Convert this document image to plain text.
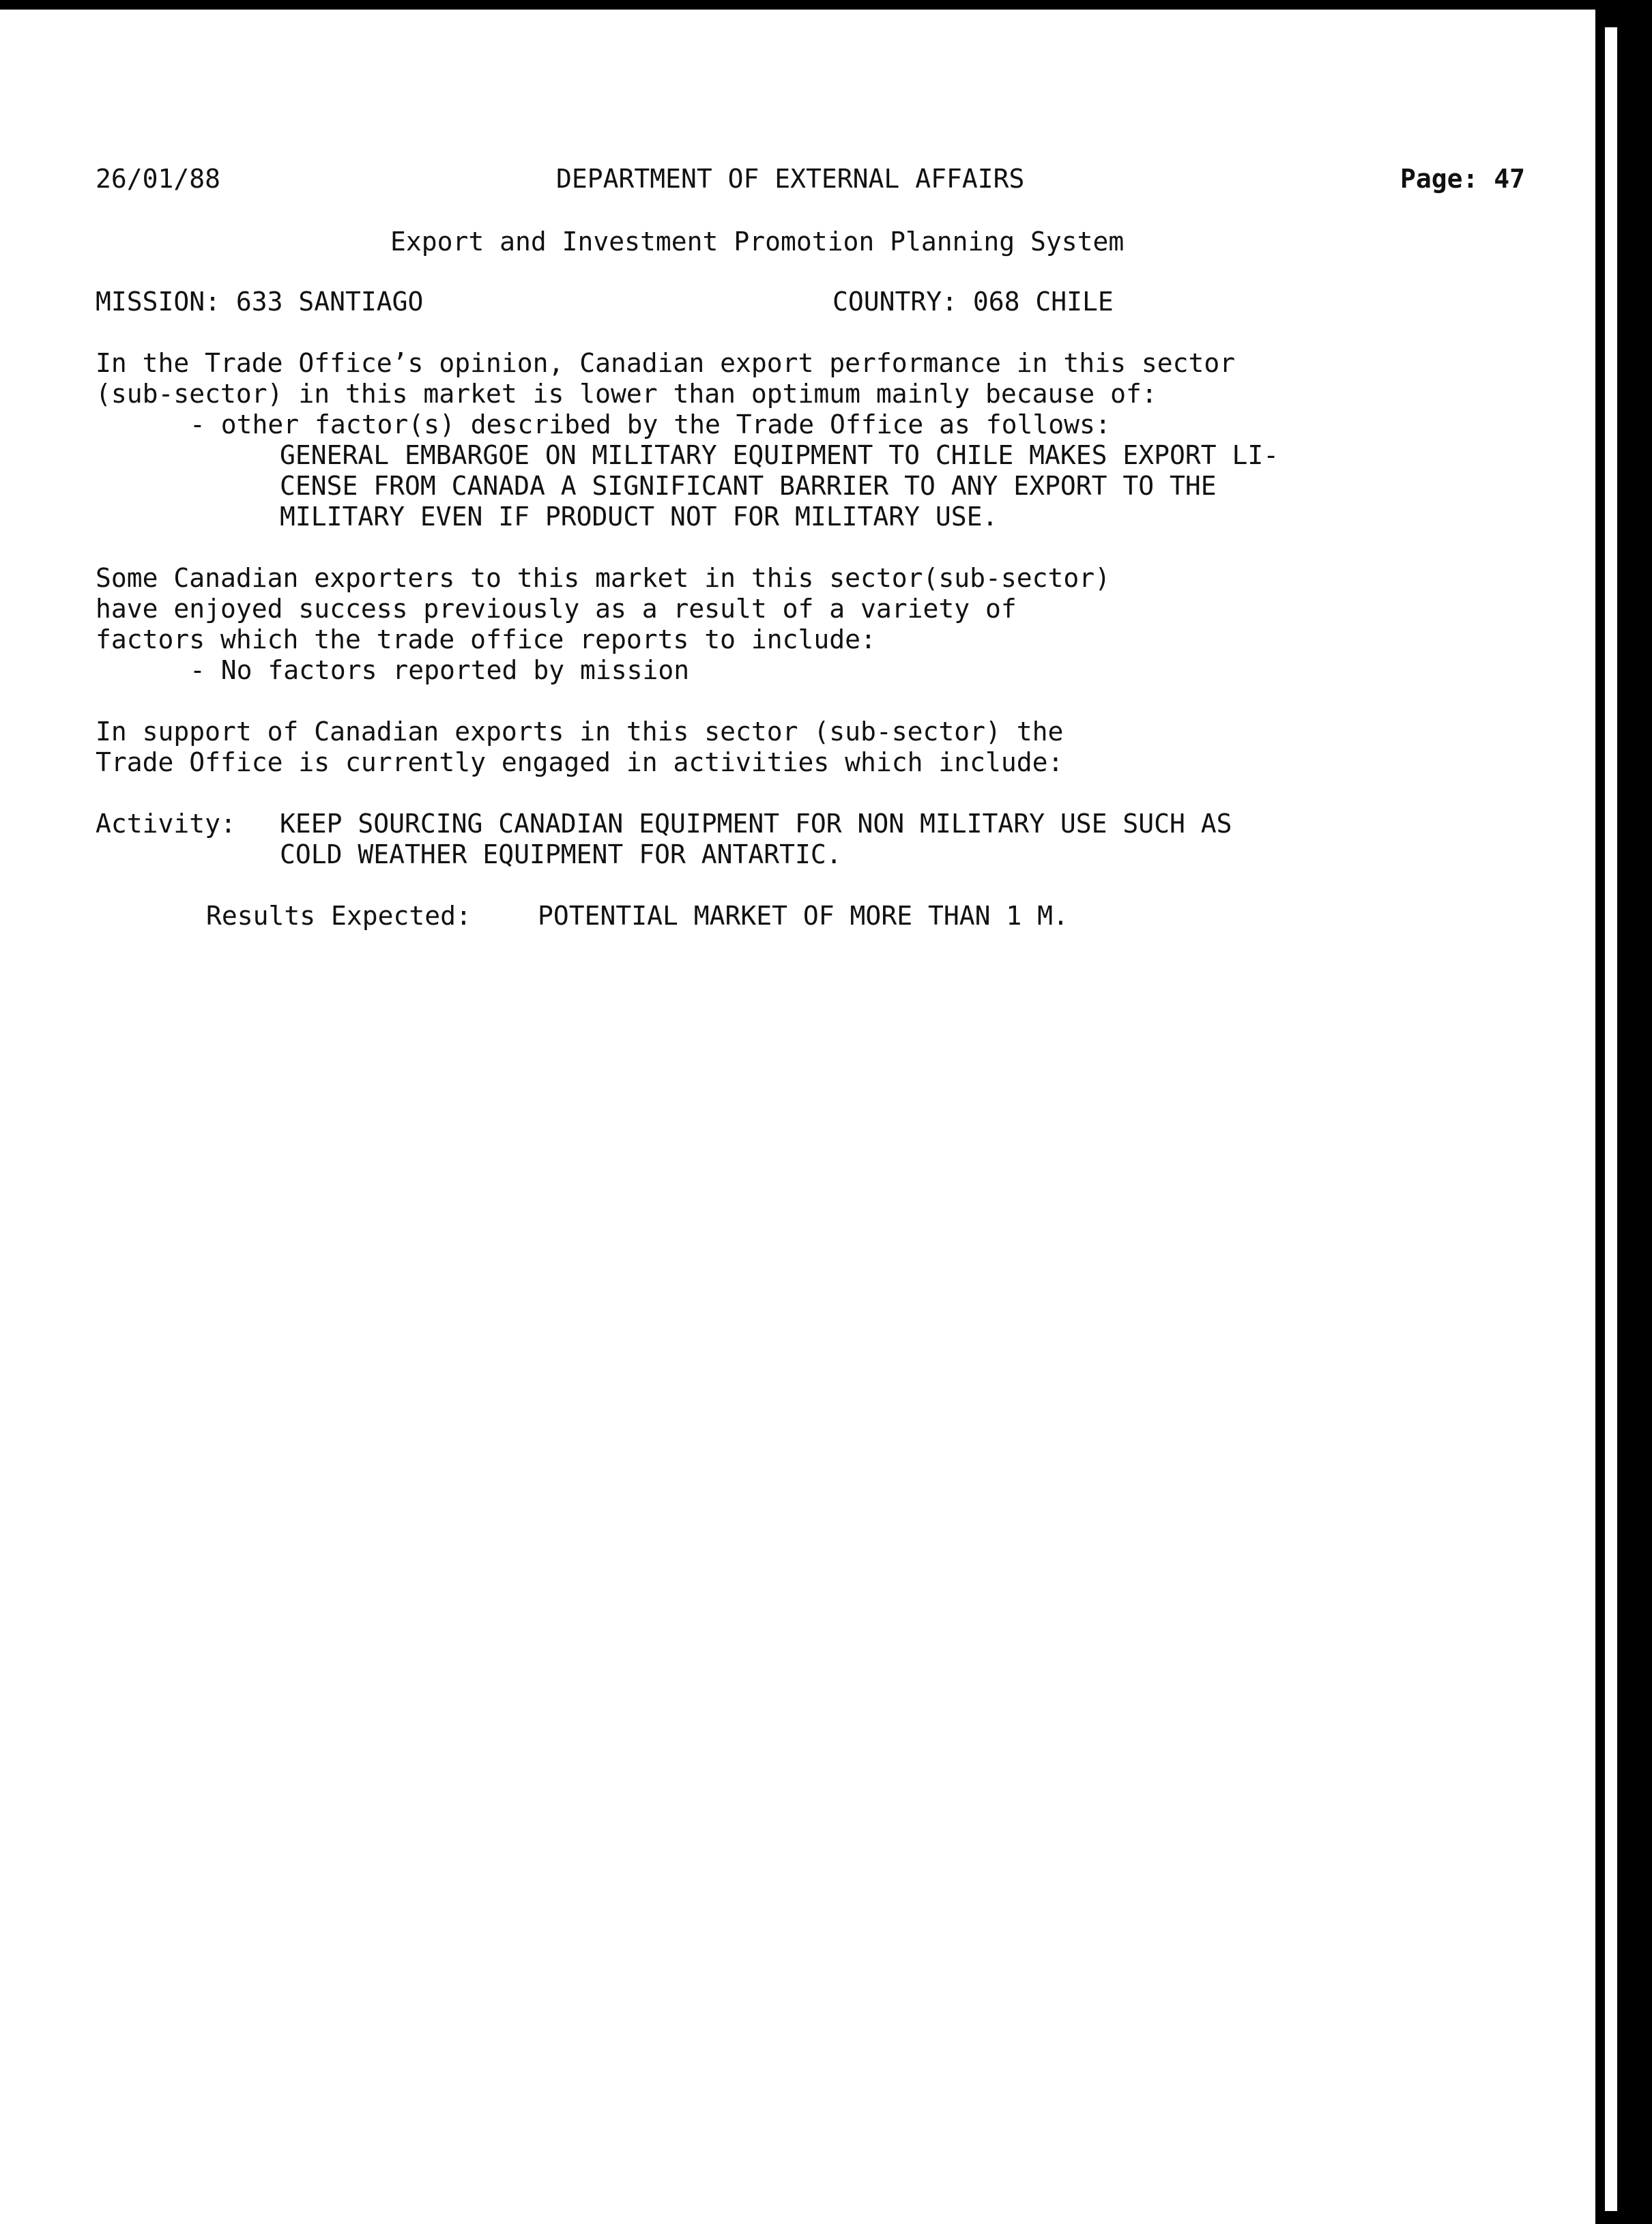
26/01/88	DEPARTMENT OF EXTERNAL AFFAIRS	Page: 47
Export and Investment Promotion Planning System
MISSION: 633 SANTIAGO	COUNTRY: 068 CHILE
In the Trade Office’s opinion, Canadian export performance in this sector
(sub-sector) in this market is lower than optimum mainly because of:
- other factor(s) described by the Trade Office as follows:
GENERAL EMBARGOE ON MILITARY EQUIPMENT TO CHILE MAKES EXPORT LI-
CENSE FROM CANADA A SIGNIFICANT BARRIER TO ANY EXPORT TO THE
MILITARY EVEN IF PRODUCT NOT FOR MILITARY USE.
Some Canadian exporters to this market in this sector(sub-sector)
have enjoyed success previously as a result of a variety of
factors which the trade office reports to include:
- No factors reported by mission
In support of Canadian exports in this sector (sub-sector) the
Trade Office is currently engaged in activities which include:
Activity: KEEP SOURCING CANADIAN EQUIPMENT FOR NON MILITARY USE SUCH AS
COLD WEATHER EQUIPMENT FOR ANTARTIC.
Results Expected:	POTENTIAL MARKET OF MORE THAN 1 M.
